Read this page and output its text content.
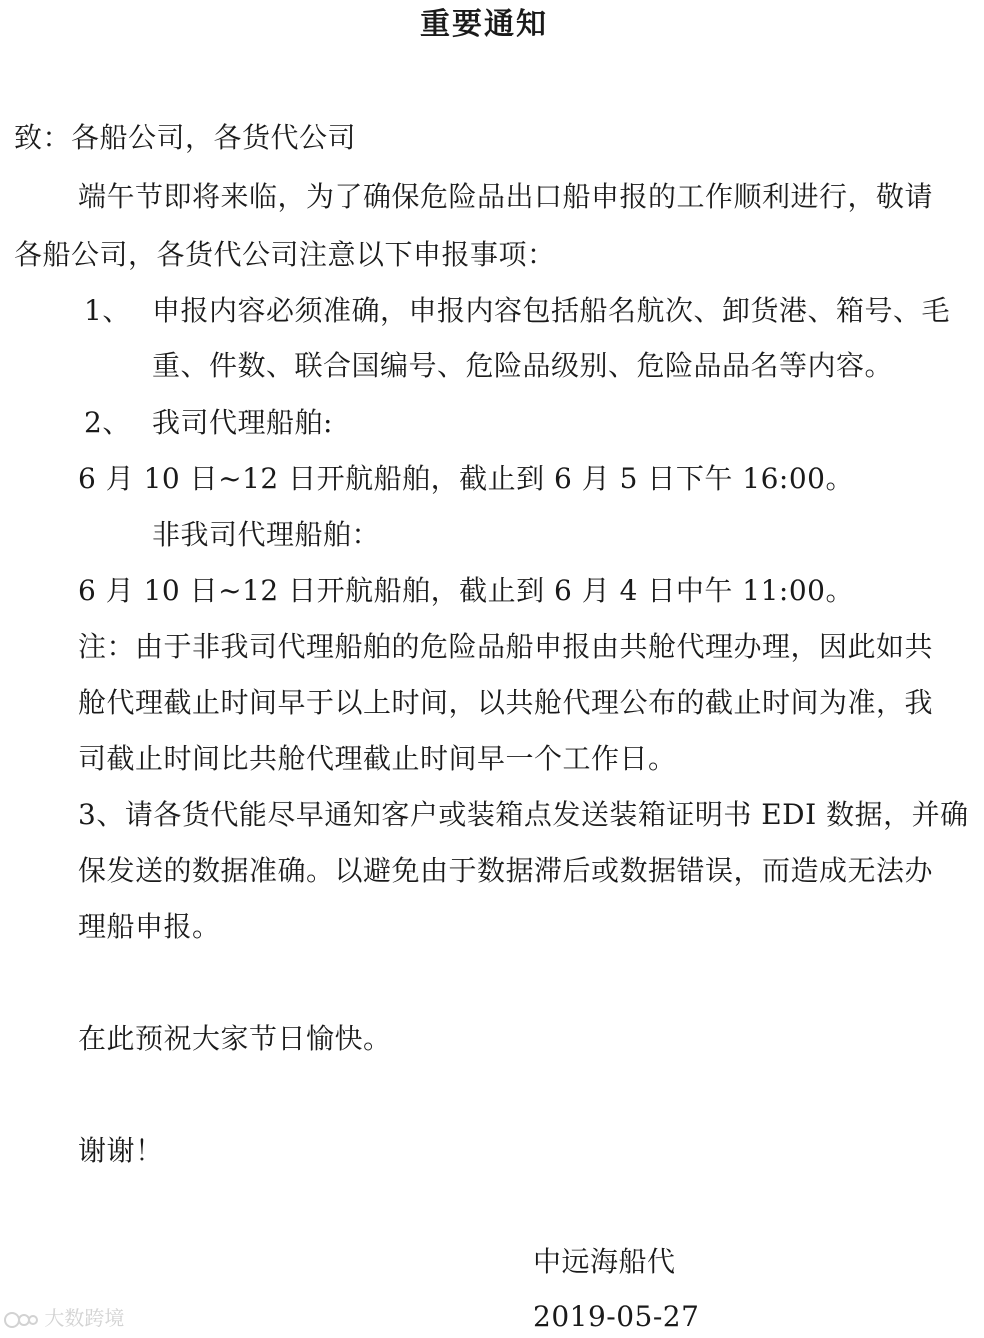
重要通知
致：各船公司，各货代公司
端午节即将来临，为了确保危险品出口船申报的工作顺利进行，敬请
各船公司，各货代公司注意以下申报事项：
1、 申报内容必须准确，申报内容包括船名航次、卸货港、箱号、毛
重、件数、联合国编号、危险品级别、危险品品名等内容。
2、 我司代理船舶:
6 月 10 日~12 日开航船舶，截止到 6 月 5 日下午 16:00。
非我司代理船舶：
6 月 10 日~12 日开航船舶，截止到 6 月 4 日中午 11:00。
注：由于非我司代理船舶的危险品船申报由共舱代理办理，因此如共
舱代理截止时间早于以上时间，以共舱代理公布的截止时间为准，我
司截止时间比共舱代理截止时间早一个工作日。
3、请各货代能尽早通知客户或装箱点发送装箱证明书 EDI 数据，并确
保发送的数据准确。以避免由于数据滞后或数据错误，而造成无法办
理船申报。
在此预祝大家节日愉快。
谢谢！
中远海船代
2019-05-27
大数跨境
